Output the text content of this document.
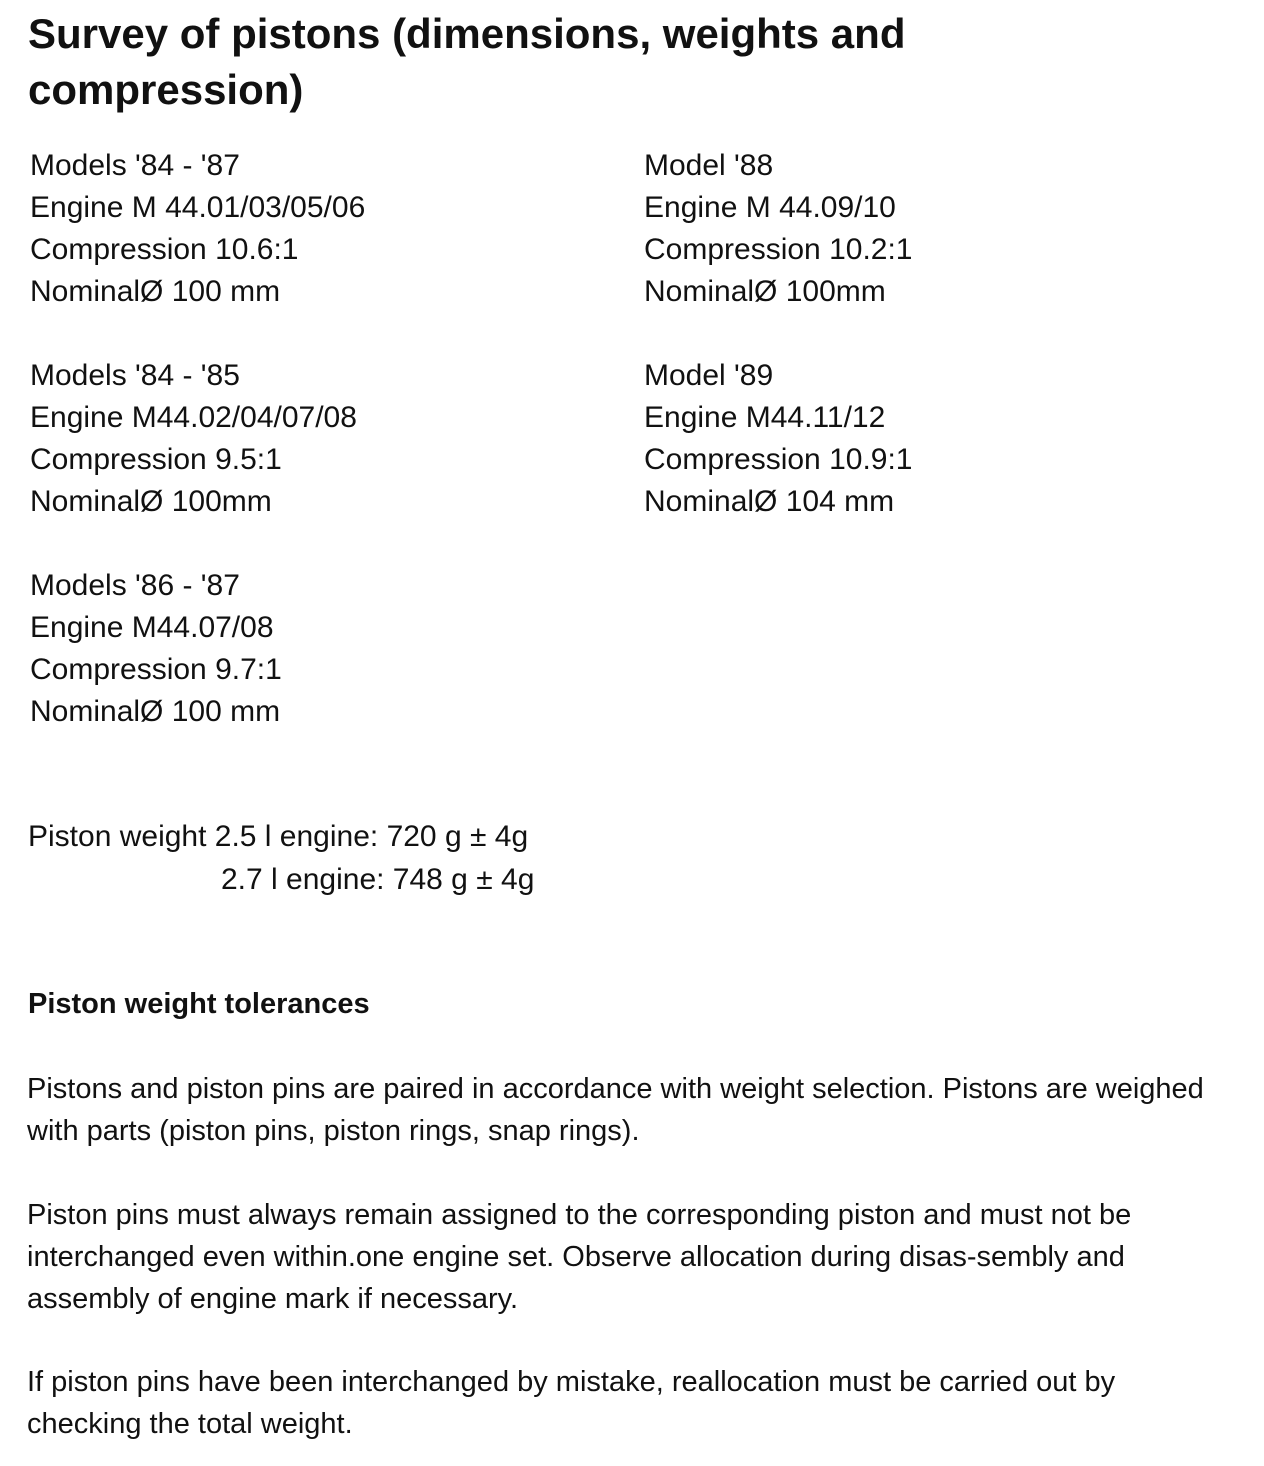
Survey of pistons (dimensions, weights and compression)
Models '84 - '87
Engine M 44.01/03/05/06
Compression 10.6:1
NominalØ 100 mm
Model '88
Engine M 44.09/10
Compression 10.2:1
NominalØ 100mm
Models '84 - '85
Engine M44.02/04/07/08
Compression 9.5:1
NominalØ 100mm
Model '89
Engine M44.11/12
Compression 10.9:1
NominalØ 104 mm
Models '86 - '87
Engine M44.07/08
Compression 9.7:1
NominalØ 100 mm
Piston weight 2.5 l engine: 720 g ± 4g
2.7 l engine: 748 g ± 4g
Piston weight tolerances

Pistons and piston pins are paired in accordance with weight selection. Pistons are weighed with parts (piston pins, piston rings, snap rings).

Piston pins must always remain assigned to the corresponding piston and must not be interchanged even within.one engine set. Observe allocation during disas-sembly and assembly of engine mark if necessary.

If piston pins have been interchanged by mistake, reallocation must be carried out by checking the total weight.
